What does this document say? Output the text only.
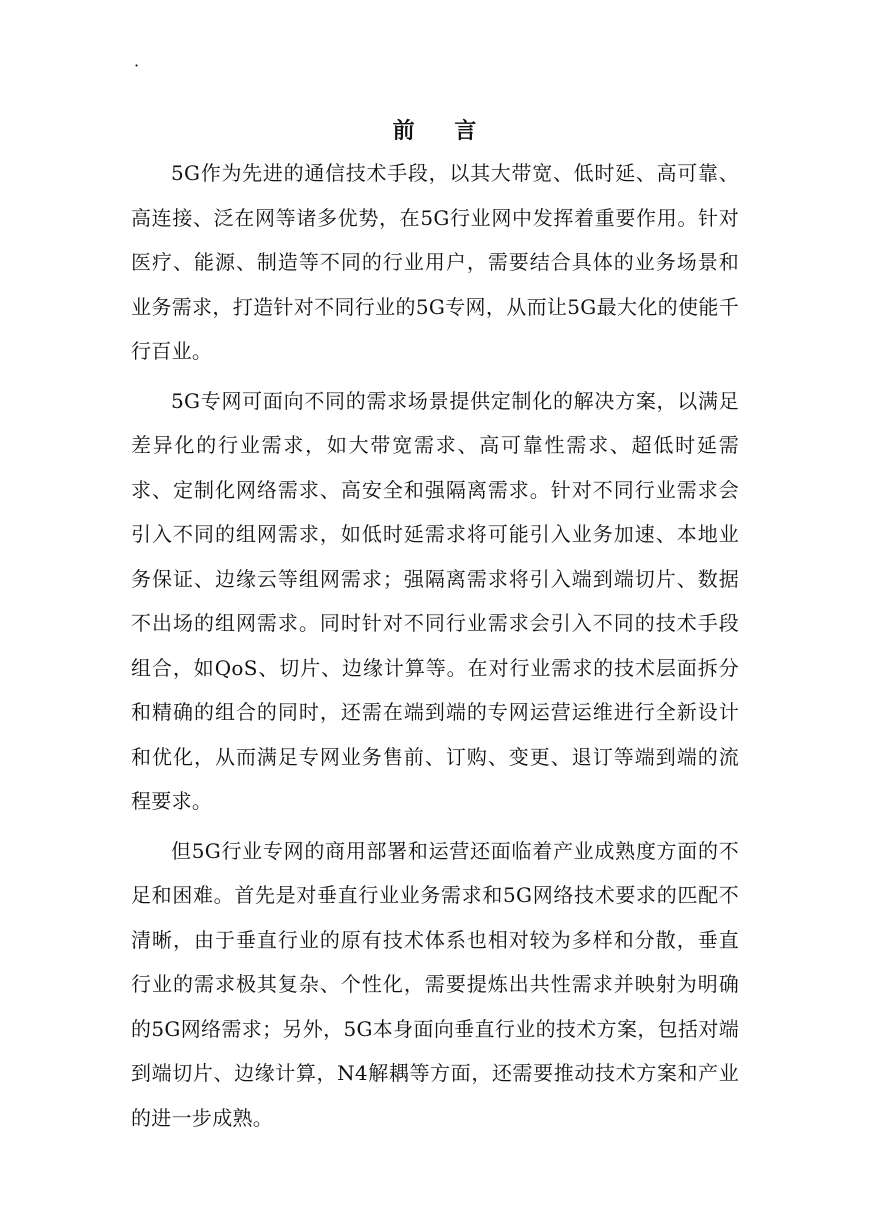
·
前 言

5G作为先进的通信技术手段，以其大带宽、低时延、高可靠、高连接、泛在网等诸多优势，在5G行业网中发挥着重要作用。针对医疗、能源、制造等不同的行业用户，需要结合具体的业务场景和业务需求，打造针对不同行业的5G专网，从而让5G最大化的使能千行百业。

5G专网可面向不同的需求场景提供定制化的解决方案，以满足差异化的行业需求，如大带宽需求、高可靠性需求、超低时延需求、定制化网络需求、高安全和强隔离需求。针对不同行业需求会引入不同的组网需求，如低时延需求将可能引入业务加速、本地业务保证、边缘云等组网需求；强隔离需求将引入端到端切片、数据不出场的组网需求。同时针对不同行业需求会引入不同的技术手段组合，如QoS、切片、边缘计算等。在对行业需求的技术层面拆分和精确的组合的同时，还需在端到端的专网运营运维进行全新设计和优化，从而满足专网业务售前、订购、变更、退订等端到端的流程要求。

但5G行业专网的商用部署和运营还面临着产业成熟度方面的不足和困难。首先是对垂直行业业务需求和5G网络技术要求的匹配不清晰，由于垂直行业的原有技术体系也相对较为多样和分散，垂直行业的需求极其复杂、个性化，需要提炼出共性需求并映射为明确的5G网络需求；另外，5G本身面向垂直行业的技术方案，包括对端到端切片、边缘计算，N4解耦等方面，还需要推动技术方案和产业的进一步成熟。
